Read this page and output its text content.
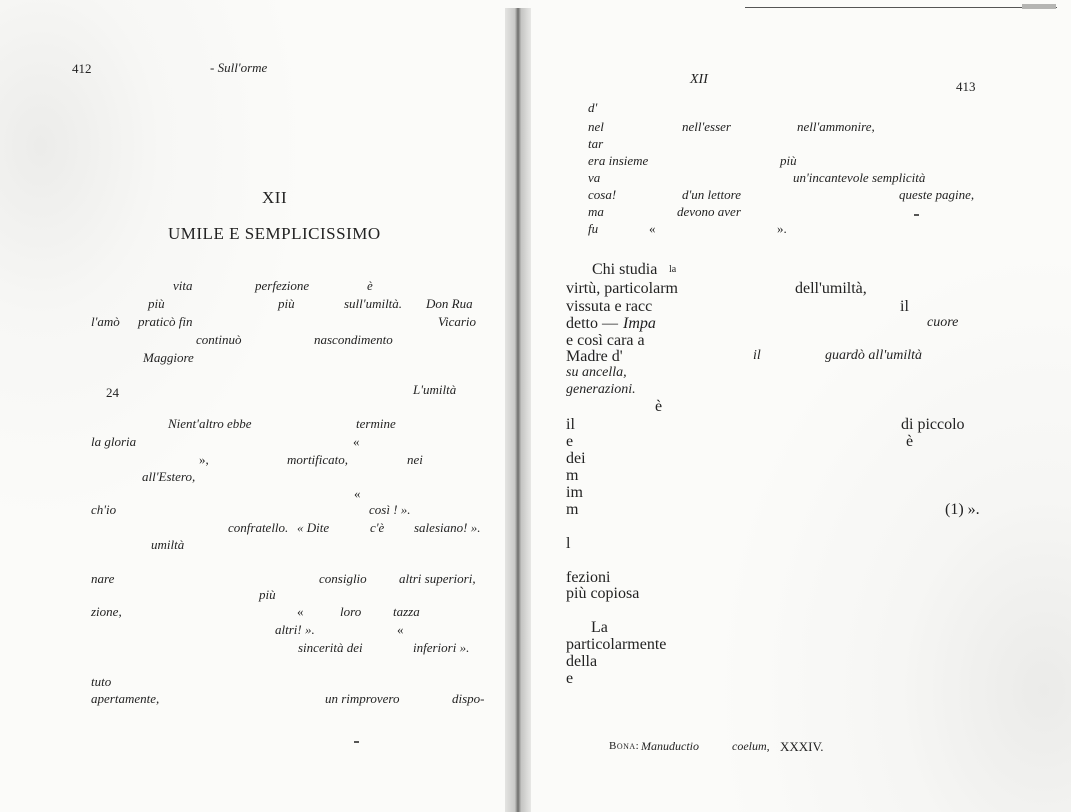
412	- Sull'orme
XII
UMILE E SEMPLICISSIMO
vita	perfezione	è
più	più	sull'umiltà. Don Rua
l'amò praticò fin	Vicario
continuò	nascondimento
Maggiore
24	L'umiltà
Nient'altro ebbe	termine
la gloria	«
»,	mortificato,	nei
all'Estero,
«
ch'io	così ! ».
confratello. « Dite	c'è salesiano! ».
umiltà
nare	consiglio altri superiori,
più
zione,	«	loro tazza
altri! ».	«
sincerità dei	inferiori ».
tuto
apertamente,	un rimprovero	dispo-
XII	413
d'
nel	nell'esser	nell'ammonire,
tar
era insieme	più
va	un'incantevole semplicità
cosa!	d'un lettore	queste pagine,
ma	devono aver
fu	«	».
Chi studia la
virtù, particolarm	dell'umiltà,
vissuta e racc	il
detto — Impa	cuore
e così cara a
Madre d'	il	guardò all'umiltà
su ancella,
generazioni.
è
il	di piccolo
e	è
dei
m
im
m	(1) ».
l
fezioni
più copiosa
La
particolarmente
della
e
Bona: Manuductio	coelum, XXXIV.
